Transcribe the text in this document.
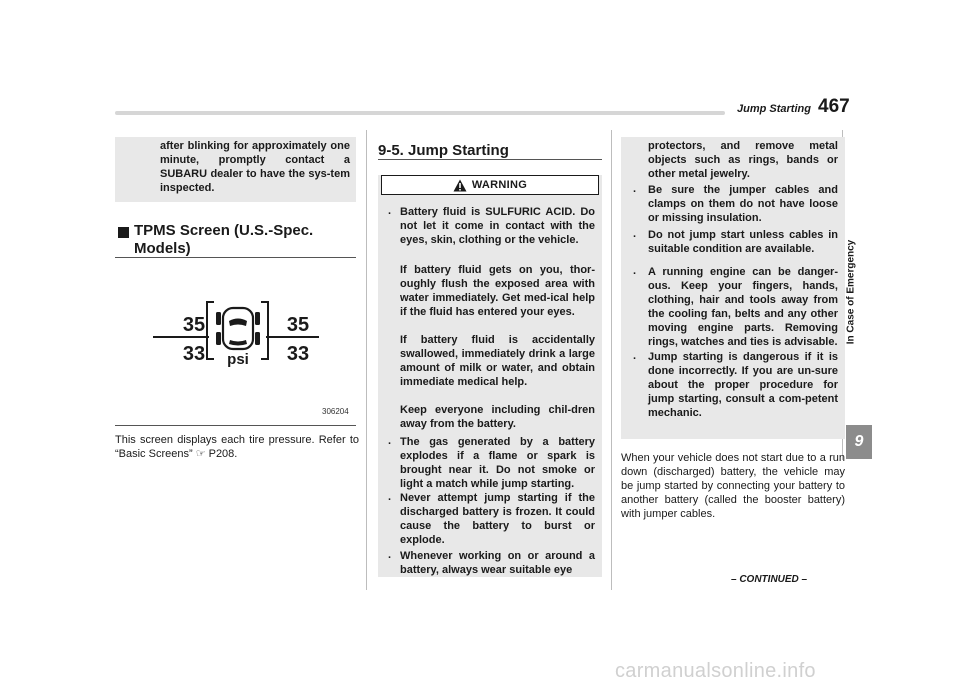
Jump Starting 467
In Case of Emergency
9
after blinking for approximately one minute, promptly contact a SUBARU dealer to have the sys-tem inspected.
TPMS Screen (U.S.-Spec. Models)
35
33
35
33
psi
306204
This screen displays each tire pressure. Refer to “Basic Screens” ☞ P208.
9-5. Jump Starting
WARNING
. Battery fluid is SULFURIC ACID. Do not let it come in contact with the eyes, skin, clothing or the vehicle.
If battery fluid gets on you, thor-oughly flush the exposed area with water immediately. Get med-ical help if the fluid has entered your eyes.
If battery fluid is accidentally swallowed, immediately drink a large amount of milk or water, and obtain immediate medical help.
Keep everyone including chil-dren away from the battery.
. The gas generated by a battery explodes if a flame or spark is brought near it. Do not smoke or light a match while jump starting.
. Never attempt jump starting if the discharged battery is frozen. It could cause the battery to burst or explode.
. Whenever working on or around a battery, always wear suitable eye
protectors, and remove metal objects such as rings, bands or other metal jewelry.
. Be sure the jumper cables and clamps on them do not have loose or missing insulation.
. Do not jump start unless cables in suitable condition are available.
. A running engine can be danger-ous. Keep your fingers, hands, clothing, hair and tools away from the cooling fan, belts and any other moving engine parts. Removing rings, watches and ties is advisable.
. Jump starting is dangerous if it is done incorrectly. If you are un-sure about the proper procedure for jump starting, consult a com-petent mechanic.
When your vehicle does not start due to a run down (discharged) battery, the vehicle may be jump started by connecting your battery to another battery (called the booster battery) with jumper cables.
– CONTINUED –
carmanualsonline.info
